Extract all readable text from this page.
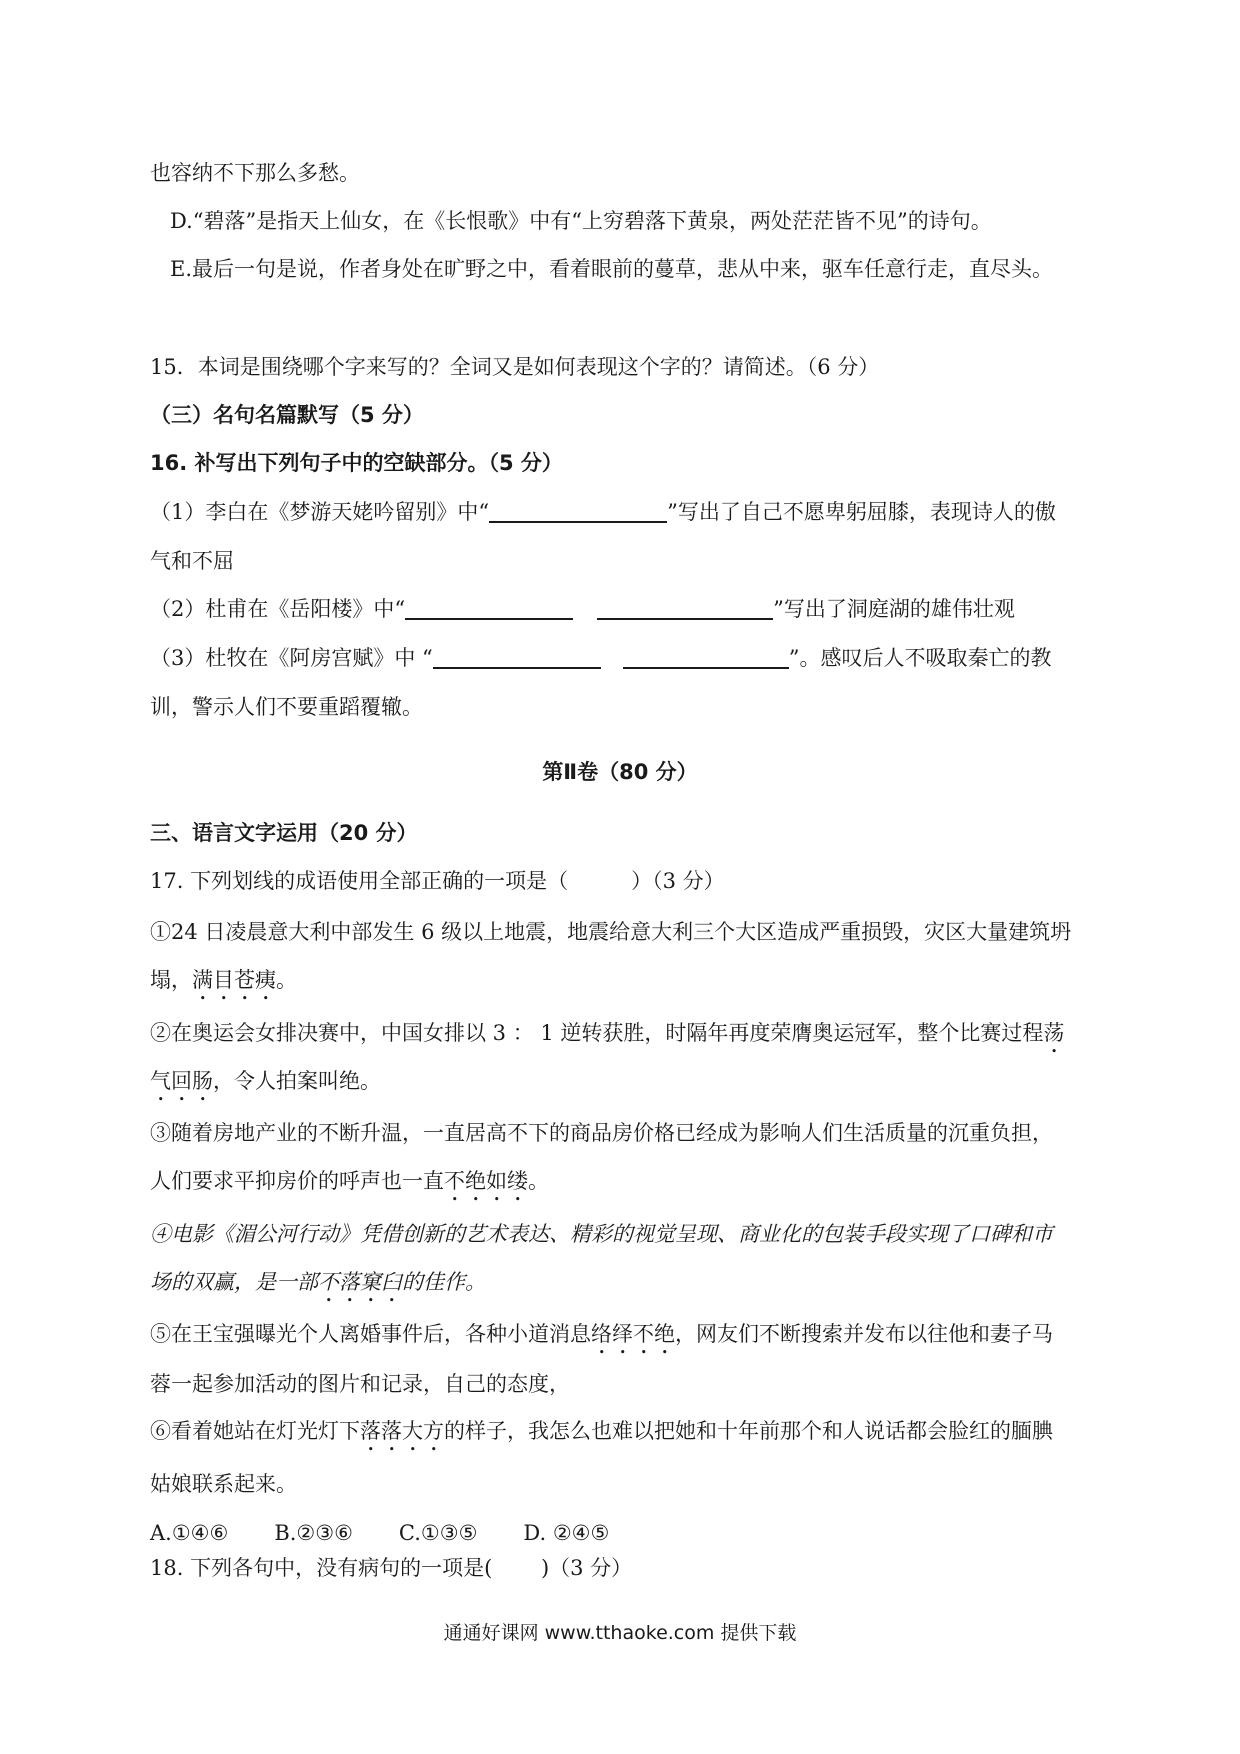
也容纳不下那么多愁。
D.“碧落”是指天上仙女，在《长恨歌》中有“上穷碧落下黄泉，两处茫茫皆不见”的诗句。
E.最后一句是说，作者身处在旷野之中，看着眼前的蔓草，悲从中来，驱车任意行走，直尽头。
15．本词是围绕哪个字来写的？全词又是如何表现这个字的？请简述。（6 分）
（三）名句名篇默写（5 分）
16. 补写出下列句子中的空缺部分。（5 分）
（1）李白在《梦游天姥吟留别》中“	”写出了自己不愿卑躬屈膝，表现诗人的傲
气和不屈
（2）杜甫在《岳阳楼》中“	”写出了洞庭湖的雄伟壮观
（3）杜牧在《阿房宫赋》中 “	”。感叹后人不吸取秦亡的教
训，警示人们不要重蹈覆辙。
第Ⅱ卷（80 分）
三、语言文字运用（20 分）
17. 下列划线的成语使用全部正确的一项是（　　　）（3 分）
①24 日凌晨意大利中部发生 6 级以上地震，地震给意大利三个大区造成严重损毁，灾区大量建筑坍
塌，满目苍痍。
②在奥运会女排决赛中，中国女排以 3 ： 1 逆转获胜，时隔年再度荣膺奥运冠军，整个比赛过程荡
气回肠，令人拍案叫绝。
③随着房地产业的不断升温，一直居高不下的商品房价格已经成为影响人们生活质量的沉重负担，
人们要求平抑房价的呼声也一直不绝如缕。
④电影《湄公河行动》凭借创新的艺术表达、精彩的视觉呈现、商业化的包装手段实现了口碑和市
场的双赢，是一部不落窠臼的佳作。
⑤在王宝强曝光个人离婚事件后，各种小道消息络绎不绝，网友们不断搜索并发布以往他和妻子马
蓉一起参加活动的图片和记录，自己的态度，
⑥看着她站在灯光灯下落落大方的样子，我怎么也难以把她和十年前那个和人说话都会脸红的腼腆
姑娘联系起来。
A.①④⑥ B.②③⑥ C.①③⑤ D. ②④⑤
18. 下列各句中，没有病句的一项是(　　 )（3 分）
通通好课网 www.tthaoke.com 提供下载
